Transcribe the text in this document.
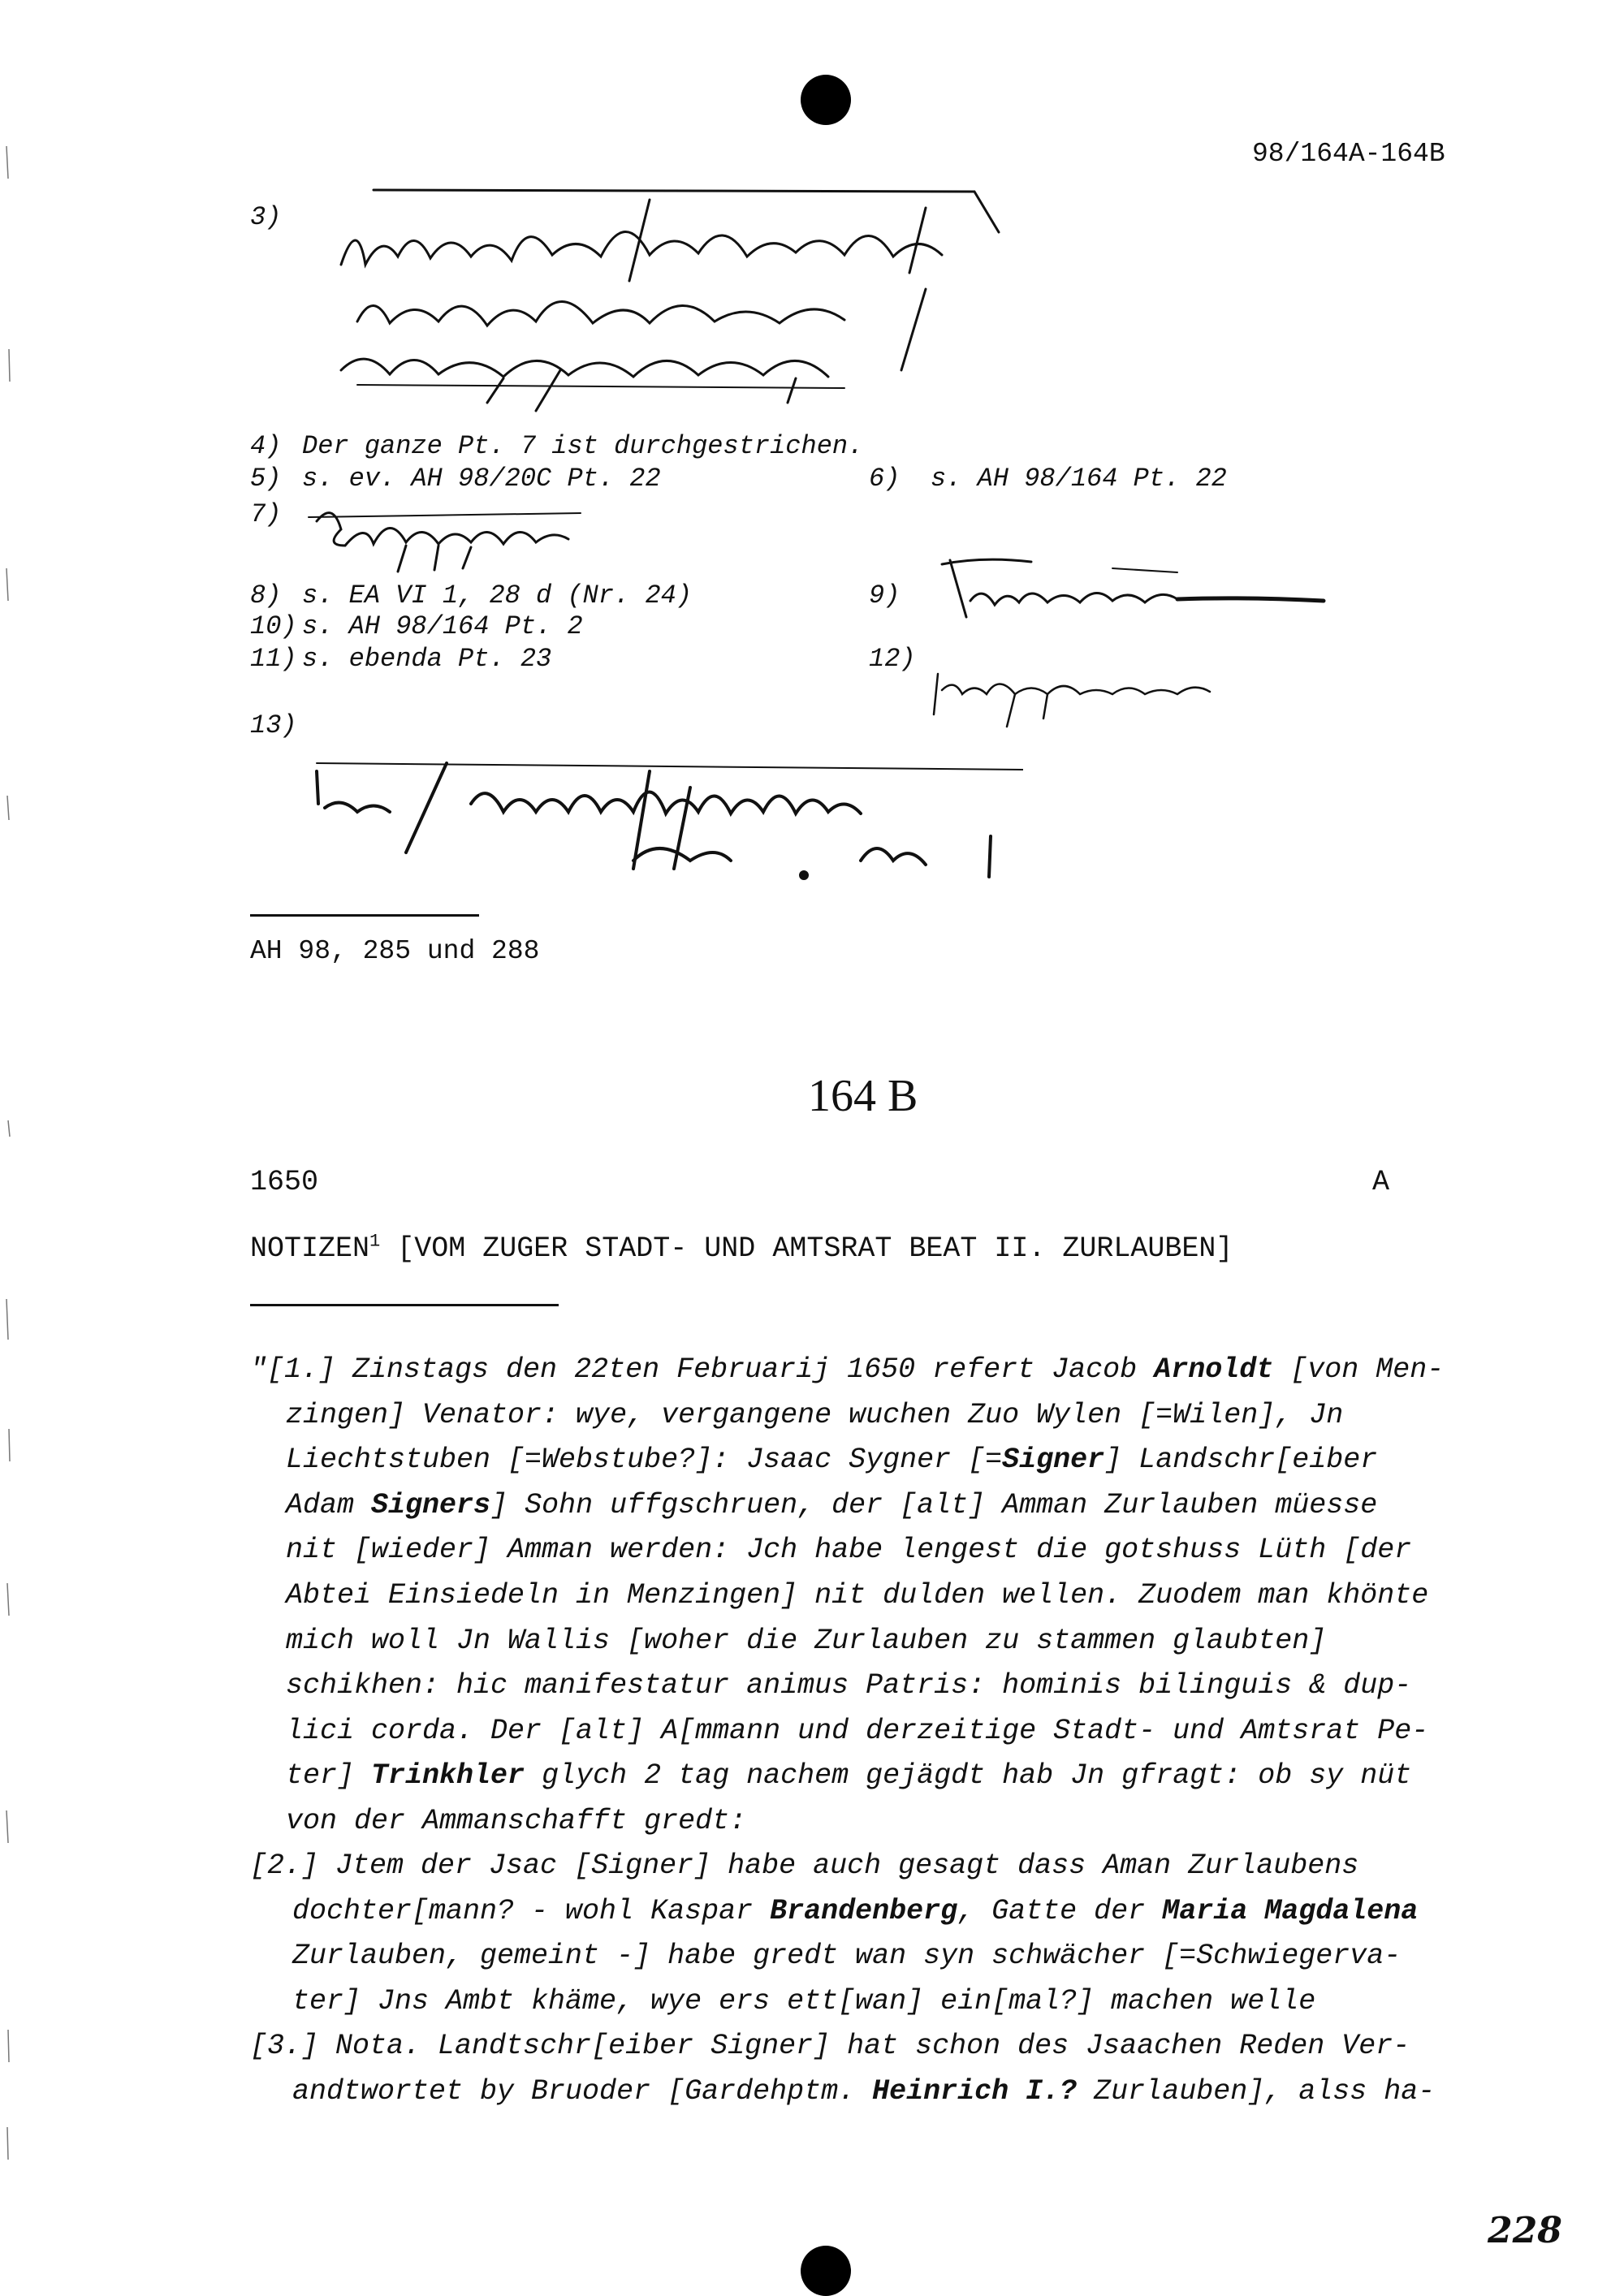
98/164A-164B
3)
4) Der ganze Pt. 7 ist durchgestrichen.
5) s. ev. AH 98/20C Pt. 22	6) s. AH 98/164 Pt. 22
7)
8) s. EA VI 1, 28 d (Nr. 24)
10) s. AH 98/164 Pt. 2
11) s. ebenda Pt. 23
9)
12)
13)
AH 98, 285 und 288
164 B
1650	A
NOTIZEN$^1$ [VOM ZUGER STADT- UND AMTSRAT BEAT II. ZURLAUBEN]
"[1.] Zinstags den 22ten Februarij 1650 refert Jacob Arnoldt [von Men-
zingen] Venator: wye, vergangene wuchen Zuo Wylen [=Wilen], Jn
Liechtstuben [=Webstube?]: Jsaac Sygner [=Signer] Landschr[eiber
Adam Signers] Sohn uffgschruen, der [alt] Amman Zurlauben müesse
nit [wieder] Amman werden: Jch habe lengest die gotshuss Lüth [der
Abtei Einsiedeln in Menzingen] nit dulden wellen. Zuodem man khönte
mich woll Jn Wallis [woher die Zurlauben zu stammen glaubten]
schikhen: hic manifestatur animus Patris: hominis bilinguis & dup-
lici corda. Der [alt] A[mmann und derzeitige Stadt- und Amtsrat Pe-
ter] Trinkhler glych 2 tag nachem gejägdt hab Jn gfragt: ob sy nüt
von der Ammanschafft gredt:
[2.] Jtem der Jsac [Signer] habe auch gesagt dass Aman Zurlaubens
dochter[mann? - wohl Kaspar Brandenberg, Gatte der Maria Magdalena
Zurlauben, gemeint -] habe gredt wan syn schwächer [=Schwiegerva-
ter] Jns Ambt khäme, wye ers ett[wan] ein[mal?] machen welle
[3.] Nota. Landtschr[eiber Signer] hat schon des Jsaachen Reden Ver-
andtwortet by Bruoder [Gardehptm. Heinrich I.? Zurlauben], alss ha-
228
